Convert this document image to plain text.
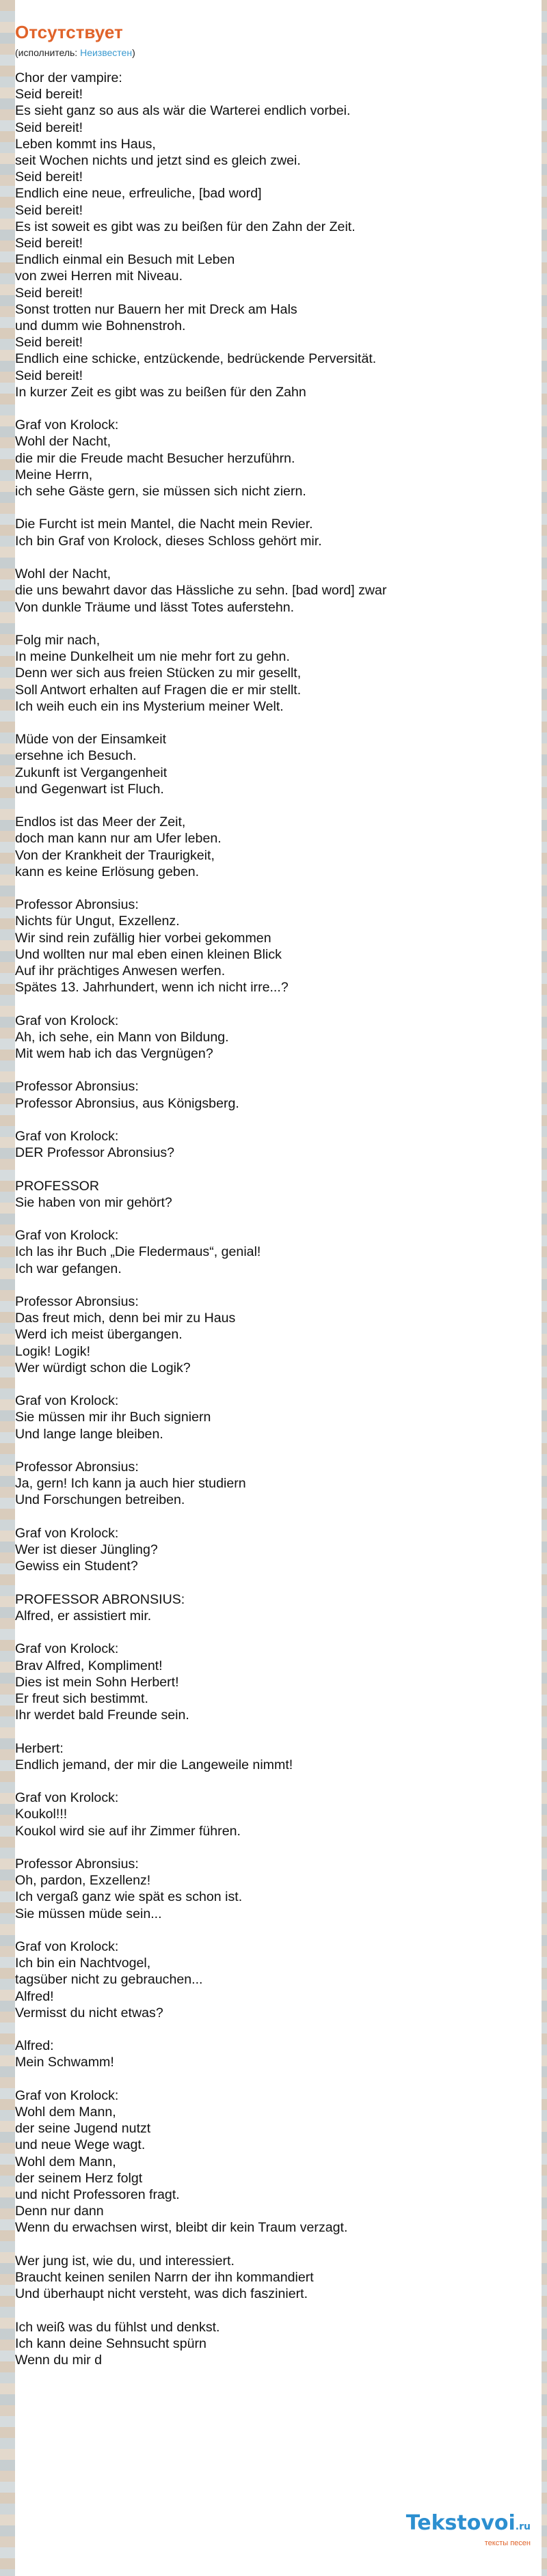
Отсутствует
(исполнитель: Неизвестен)
Chor der vampire:
Seid bereit!
Es sieht ganz so aus als wär die Warterei endlich vorbei.
Seid bereit!
Leben kommt ins Haus,
seit Wochen nichts und jetzt sind es gleich zwei.
Seid bereit!
Endlich eine neue, erfreuliche, [bad word]
Seid bereit!
Es ist soweit es gibt was zu beißen für den Zahn der Zeit.
Seid bereit!
Endlich einmal ein Besuch mit Leben
von zwei Herren mit Niveau.
Seid bereit!
Sonst trotten nur Bauern her mit Dreck am Hals
und dumm wie Bohnenstroh.
Seid bereit!
Endlich eine schicke, entzückende, bedrückende Perversität.
Seid bereit!
In kurzer Zeit es gibt was zu beißen für den Zahn

Graf von Krolock:
Wohl der Nacht,
die mir die Freude macht Besucher herzuführn.
Meine Herrn,
ich sehe Gäste gern, sie müssen sich nicht ziern.

Die Furcht ist mein Mantel, die Nacht mein Revier.
Ich bin Graf von Krolock, dieses Schloss gehört mir.

Wohl der Nacht,
die uns bewahrt davor das Hässliche zu sehn. [bad word] zwar
Von dunkle Träume und lässt Totes auferstehn.

Folg mir nach,
In meine Dunkelheit um nie mehr fort zu gehn.
Denn wer sich aus freien Stücken zu mir gesellt,
Soll Antwort erhalten auf Fragen die er mir stellt.
Ich weih euch ein ins Mysterium meiner Welt.

Müde von der Einsamkeit
ersehne ich Besuch.
Zukunft ist Vergangenheit
und Gegenwart ist Fluch.

Endlos ist das Meer der Zeit,
doch man kann nur am Ufer leben.
Von der Krankheit der Traurigkeit,
kann es keine Erlösung geben.

Professor Abronsius:
Nichts für Ungut, Exzellenz.
Wir sind rein zufällig hier vorbei gekommen
Und wollten nur mal eben einen kleinen Blick
Auf ihr prächtiges Anwesen werfen.
Spätes 13. Jahrhundert, wenn ich nicht irre...?

Graf von Krolock:
Ah, ich sehe, ein Mann von Bildung.
Mit wem hab ich das Vergnügen?

Professor Abronsius:
Professor Abronsius, aus Königsberg.

Graf von Krolock:
DER Professor Abronsius?

PROFESSOR
Sie haben von mir gehört?

Graf von Krolock:
Ich las ihr Buch „Die Fledermaus“, genial!
Ich war gefangen.

Professor Abronsius:
Das freut mich, denn bei mir zu Haus
Werd ich meist übergangen.
Logik! Logik!
Wer würdigt schon die Logik?

Graf von Krolock:
Sie müssen mir ihr Buch signiern
Und lange lange bleiben.

Professor Abronsius:
Ja, gern! Ich kann ja auch hier studiern
Und Forschungen betreiben.

Graf von Krolock:
Wer ist dieser Jüngling?
Gewiss ein Student?

PROFESSOR ABRONSIUS:
Alfred, er assistiert mir.

Graf von Krolock:
Brav Alfred, Kompliment!
Dies ist mein Sohn Herbert!
Er freut sich bestimmt.
Ihr werdet bald Freunde sein.

Herbert:
Endlich jemand, der mir die Langeweile nimmt!

Graf von Krolock:
Koukol!!!
Koukol wird sie auf ihr Zimmer führen.

Professor Abronsius:
Oh, pardon, Exzellenz!
Ich vergaß ganz wie spät es schon ist.
Sie müssen müde sein...

Graf von Krolock:
Ich bin ein Nachtvogel,
tagsüber nicht zu gebrauchen...
Alfred!
Vermisst du nicht etwas?

Alfred:
Mein Schwamm!

Graf von Krolock:
Wohl dem Mann,
der seine Jugend nutzt
und neue Wege wagt.
Wohl dem Mann,
der seinem Herz folgt
und nicht Professoren fragt.
Denn nur dann
Wenn du erwachsen wirst, bleibt dir kein Traum verzagt.

Wer jung ist, wie du, und interessiert.
Braucht keinen senilen Narrn der ihn kommandiert
Und überhaupt nicht versteht, was dich fasziniert.

Ich weiß was du fühlst und denkst.
Ich kann deine Sehnsucht spürn
Wenn du mir d
Tekstovoi.ru
тексты песен
